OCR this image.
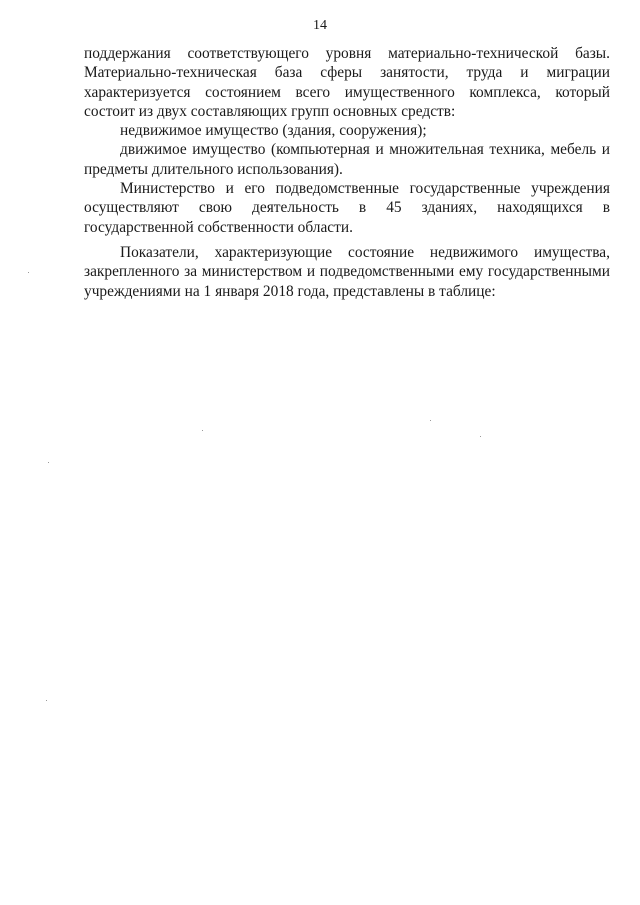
14

поддержания соответствующего уровня материально-технической базы. Материально-техническая база сферы занятости, труда и миграции характеризуется состоянием всего имущественного комплекса, который состоит из двух составляющих групп основных средств:

недвижимое имущество (здания, сооружения);

движимое имущество (компьютерная и множительная техника, мебель и предметы длительного использования).

Министерство и его подведомственные государственные учреждения осуществляют свою деятельность в 45 зданиях, находящихся в государственной собственности области.

Показатели, характеризующие состояние недвижимого имущества, закрепленного за министерством и подведомственными ему государственными учреждениями на 1 января 2018 года, представлены в таблице:
